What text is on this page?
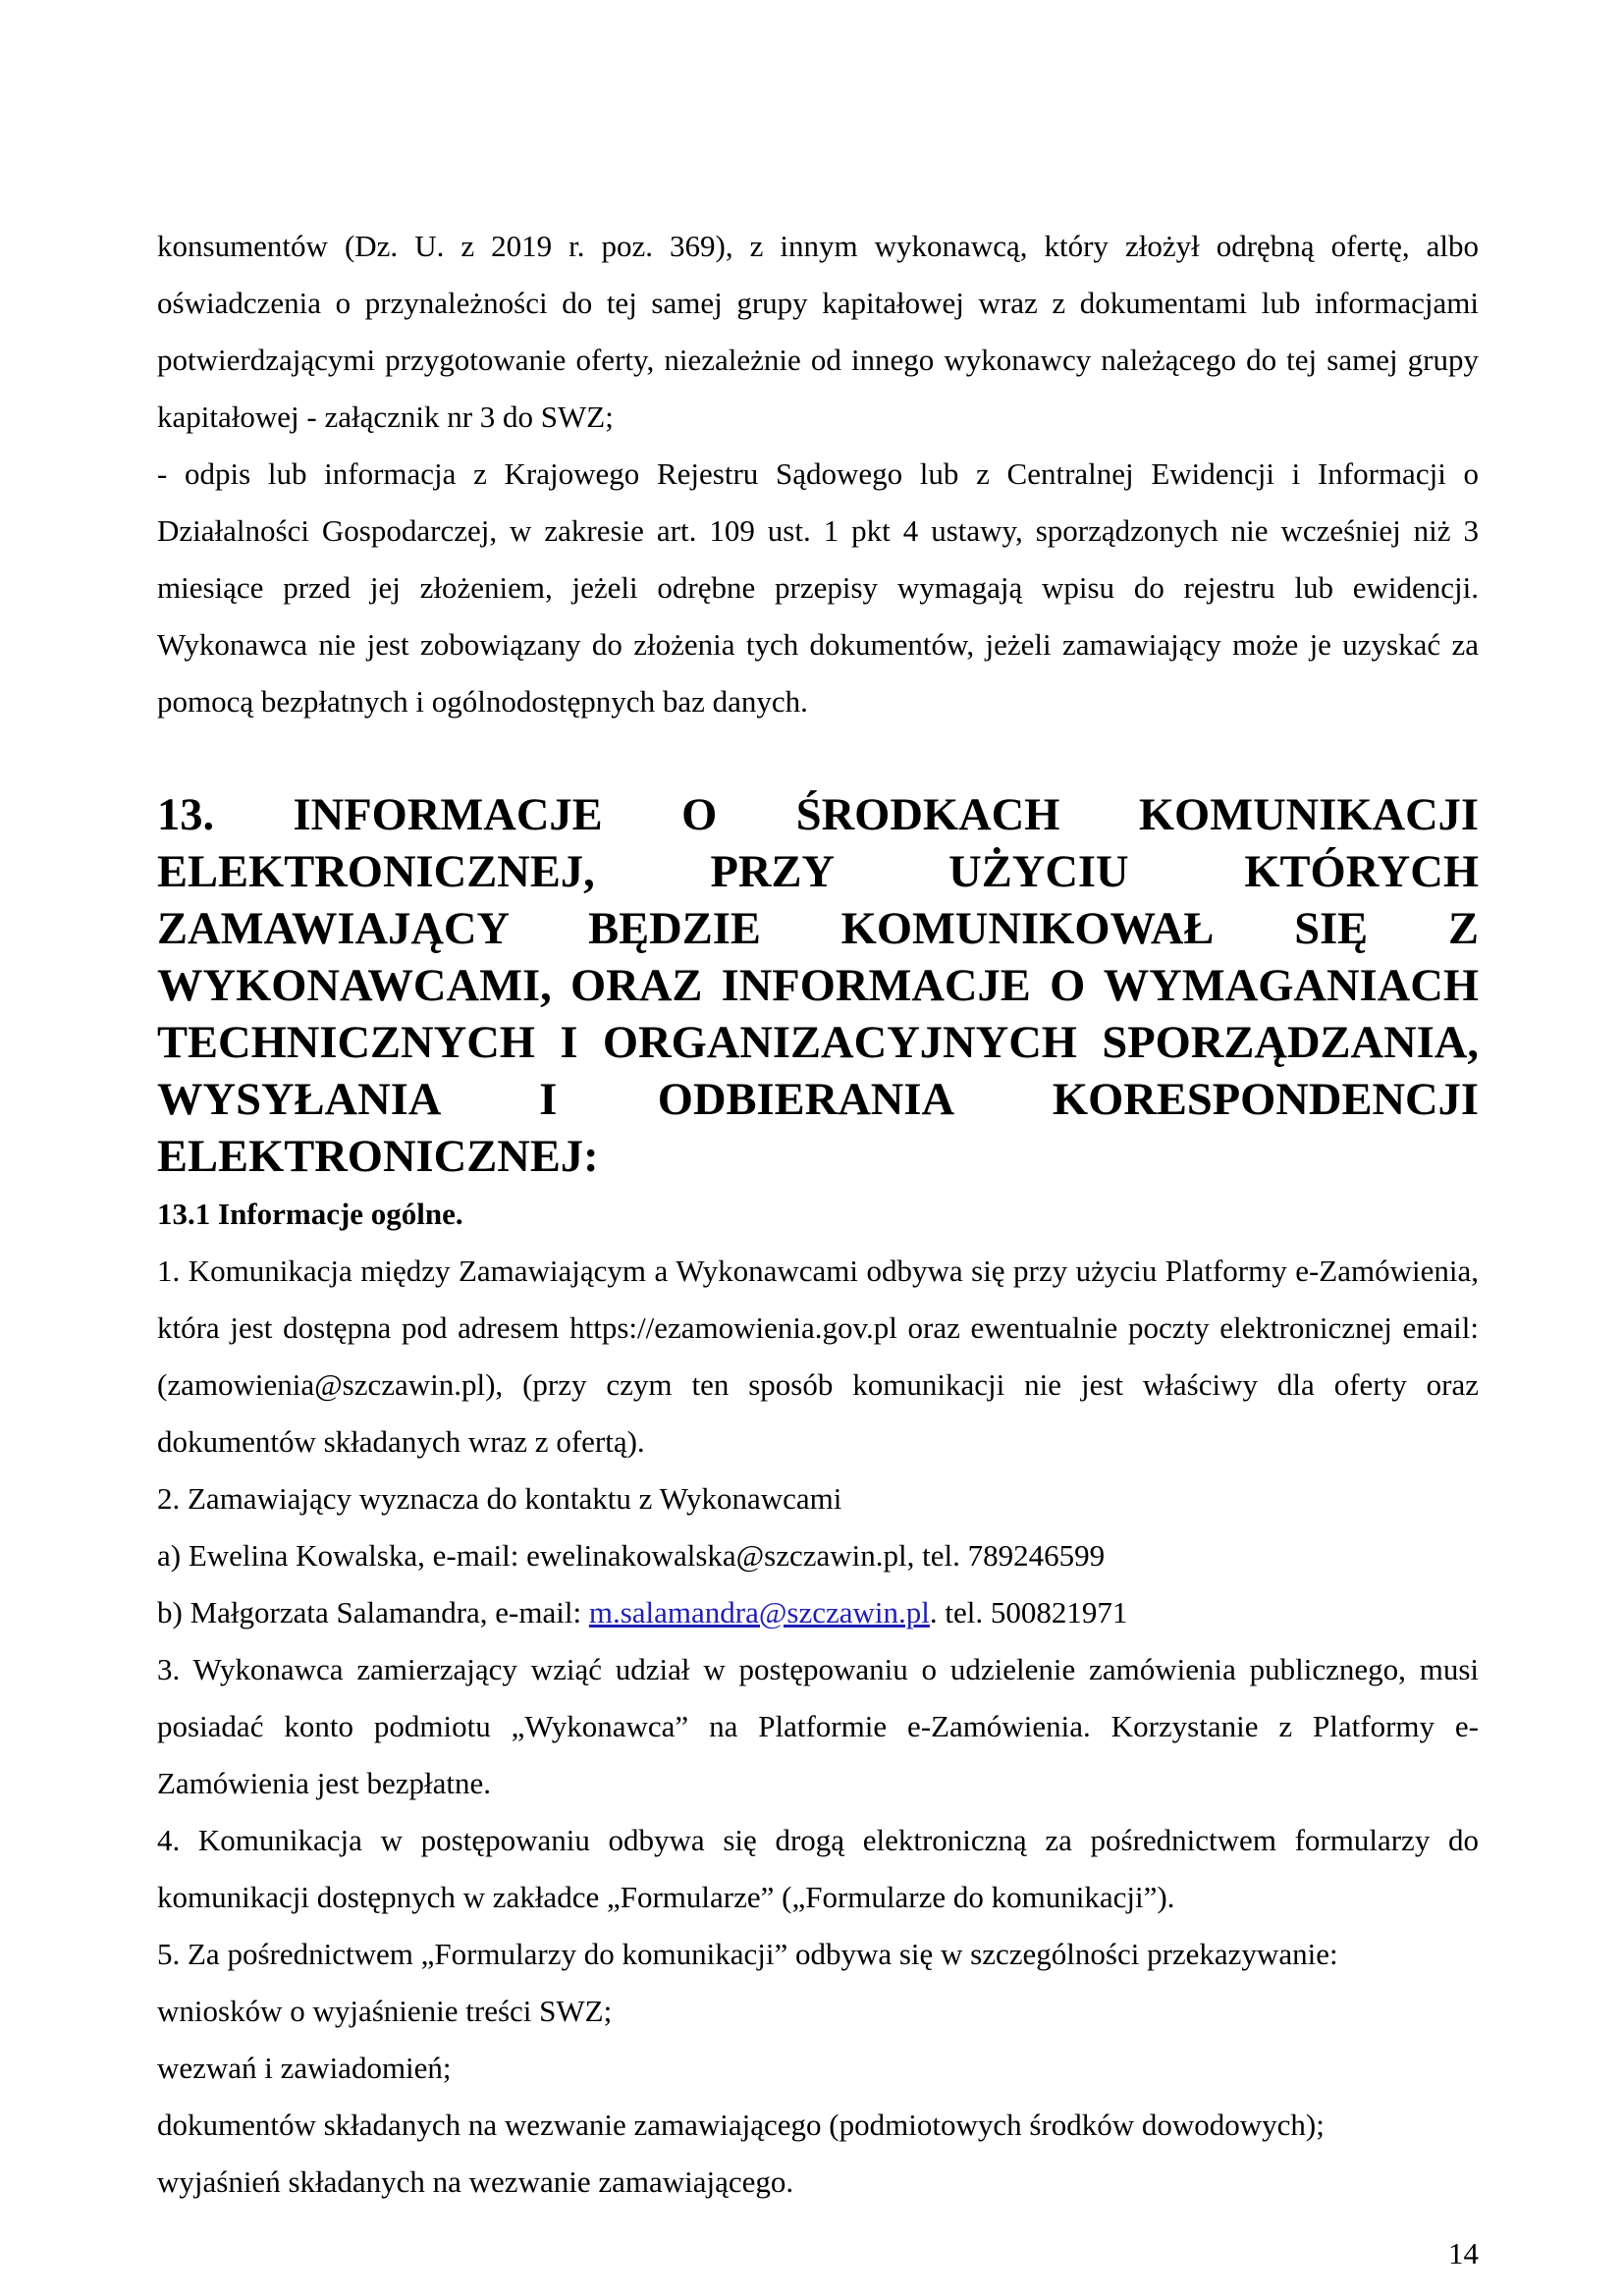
konsumentów (Dz. U. z 2019 r. poz. 369), z innym wykonawcą, który złożył odrębną ofertę, albo oświadczenia o przynależności do tej samej grupy kapitałowej wraz z dokumentami lub informacjami potwierdzającymi przygotowanie oferty, niezależnie od innego wykonawcy należącego do tej samej grupy kapitałowej - załącznik nr 3 do SWZ;

- odpis lub informacja z Krajowego Rejestru Sądowego lub z Centralnej Ewidencji i Informacji o Działalności Gospodarczej, w zakresie art. 109 ust. 1 pkt 4 ustawy, sporządzonych nie wcześniej niż 3 miesiące przed jej złożeniem, jeżeli odrębne przepisy wymagają wpisu do rejestru lub ewidencji. Wykonawca nie jest zobowiązany do złożenia tych dokumentów, jeżeli zamawiający może je uzyskać za pomocą bezpłatnych i ogólnodostępnych baz danych.

13. INFORMACJE O ŚRODKACH KOMUNIKACJI ELEKTRONICZNEJ, PRZY UŻYCIU KTÓRYCH ZAMAWIAJĄCY BĘDZIE KOMUNIKOWAŁ SIĘ Z WYKONAWCAMI, ORAZ INFORMACJE O WYMAGANIACH TECHNICZNYCH I ORGANIZACYJNYCH SPORZĄDZANIA, WYSYŁANIA I ODBIERANIA KORESPONDENCJI
ELEKTRONICZNEJ:

13.1 Informacje ogólne.

1. Komunikacja między Zamawiającym a Wykonawcami odbywa się przy użyciu Platformy e-Zamówienia, która jest dostępna pod adresem https://ezamowienia.gov.pl oraz ewentualnie poczty elektronicznej email: (zamowienia@szczawin.pl), (przy czym ten sposób komunikacji nie jest właściwy dla oferty oraz dokumentów składanych wraz z ofertą).

2. Zamawiający wyznacza do kontaktu z Wykonawcami

a) Ewelina Kowalska, e-mail: ewelinakowalska@szczawin.pl, tel. 789246599

b) Małgorzata Salamandra, e-mail: m.salamandra@szczawin.pl. tel. 500821971

3. Wykonawca zamierzający wziąć udział w postępowaniu o udzielenie zamówienia publicznego, musi posiadać konto podmiotu „Wykonawca” na Platformie e-Zamówienia. Korzystanie z Platformy e-Zamówienia jest bezpłatne.

4. Komunikacja w postępowaniu odbywa się drogą elektroniczną za pośrednictwem formularzy do komunikacji dostępnych w zakładce „Formularze” („Formularze do komunikacji”).

5. Za pośrednictwem „Formularzy do komunikacji” odbywa się w szczególności przekazywanie:

wniosków o wyjaśnienie treści SWZ;

wezwań i zawiadomień;

dokumentów składanych na wezwanie zamawiającego (podmiotowych środków dowodowych);

wyjaśnień składanych na wezwanie zamawiającego.

14
